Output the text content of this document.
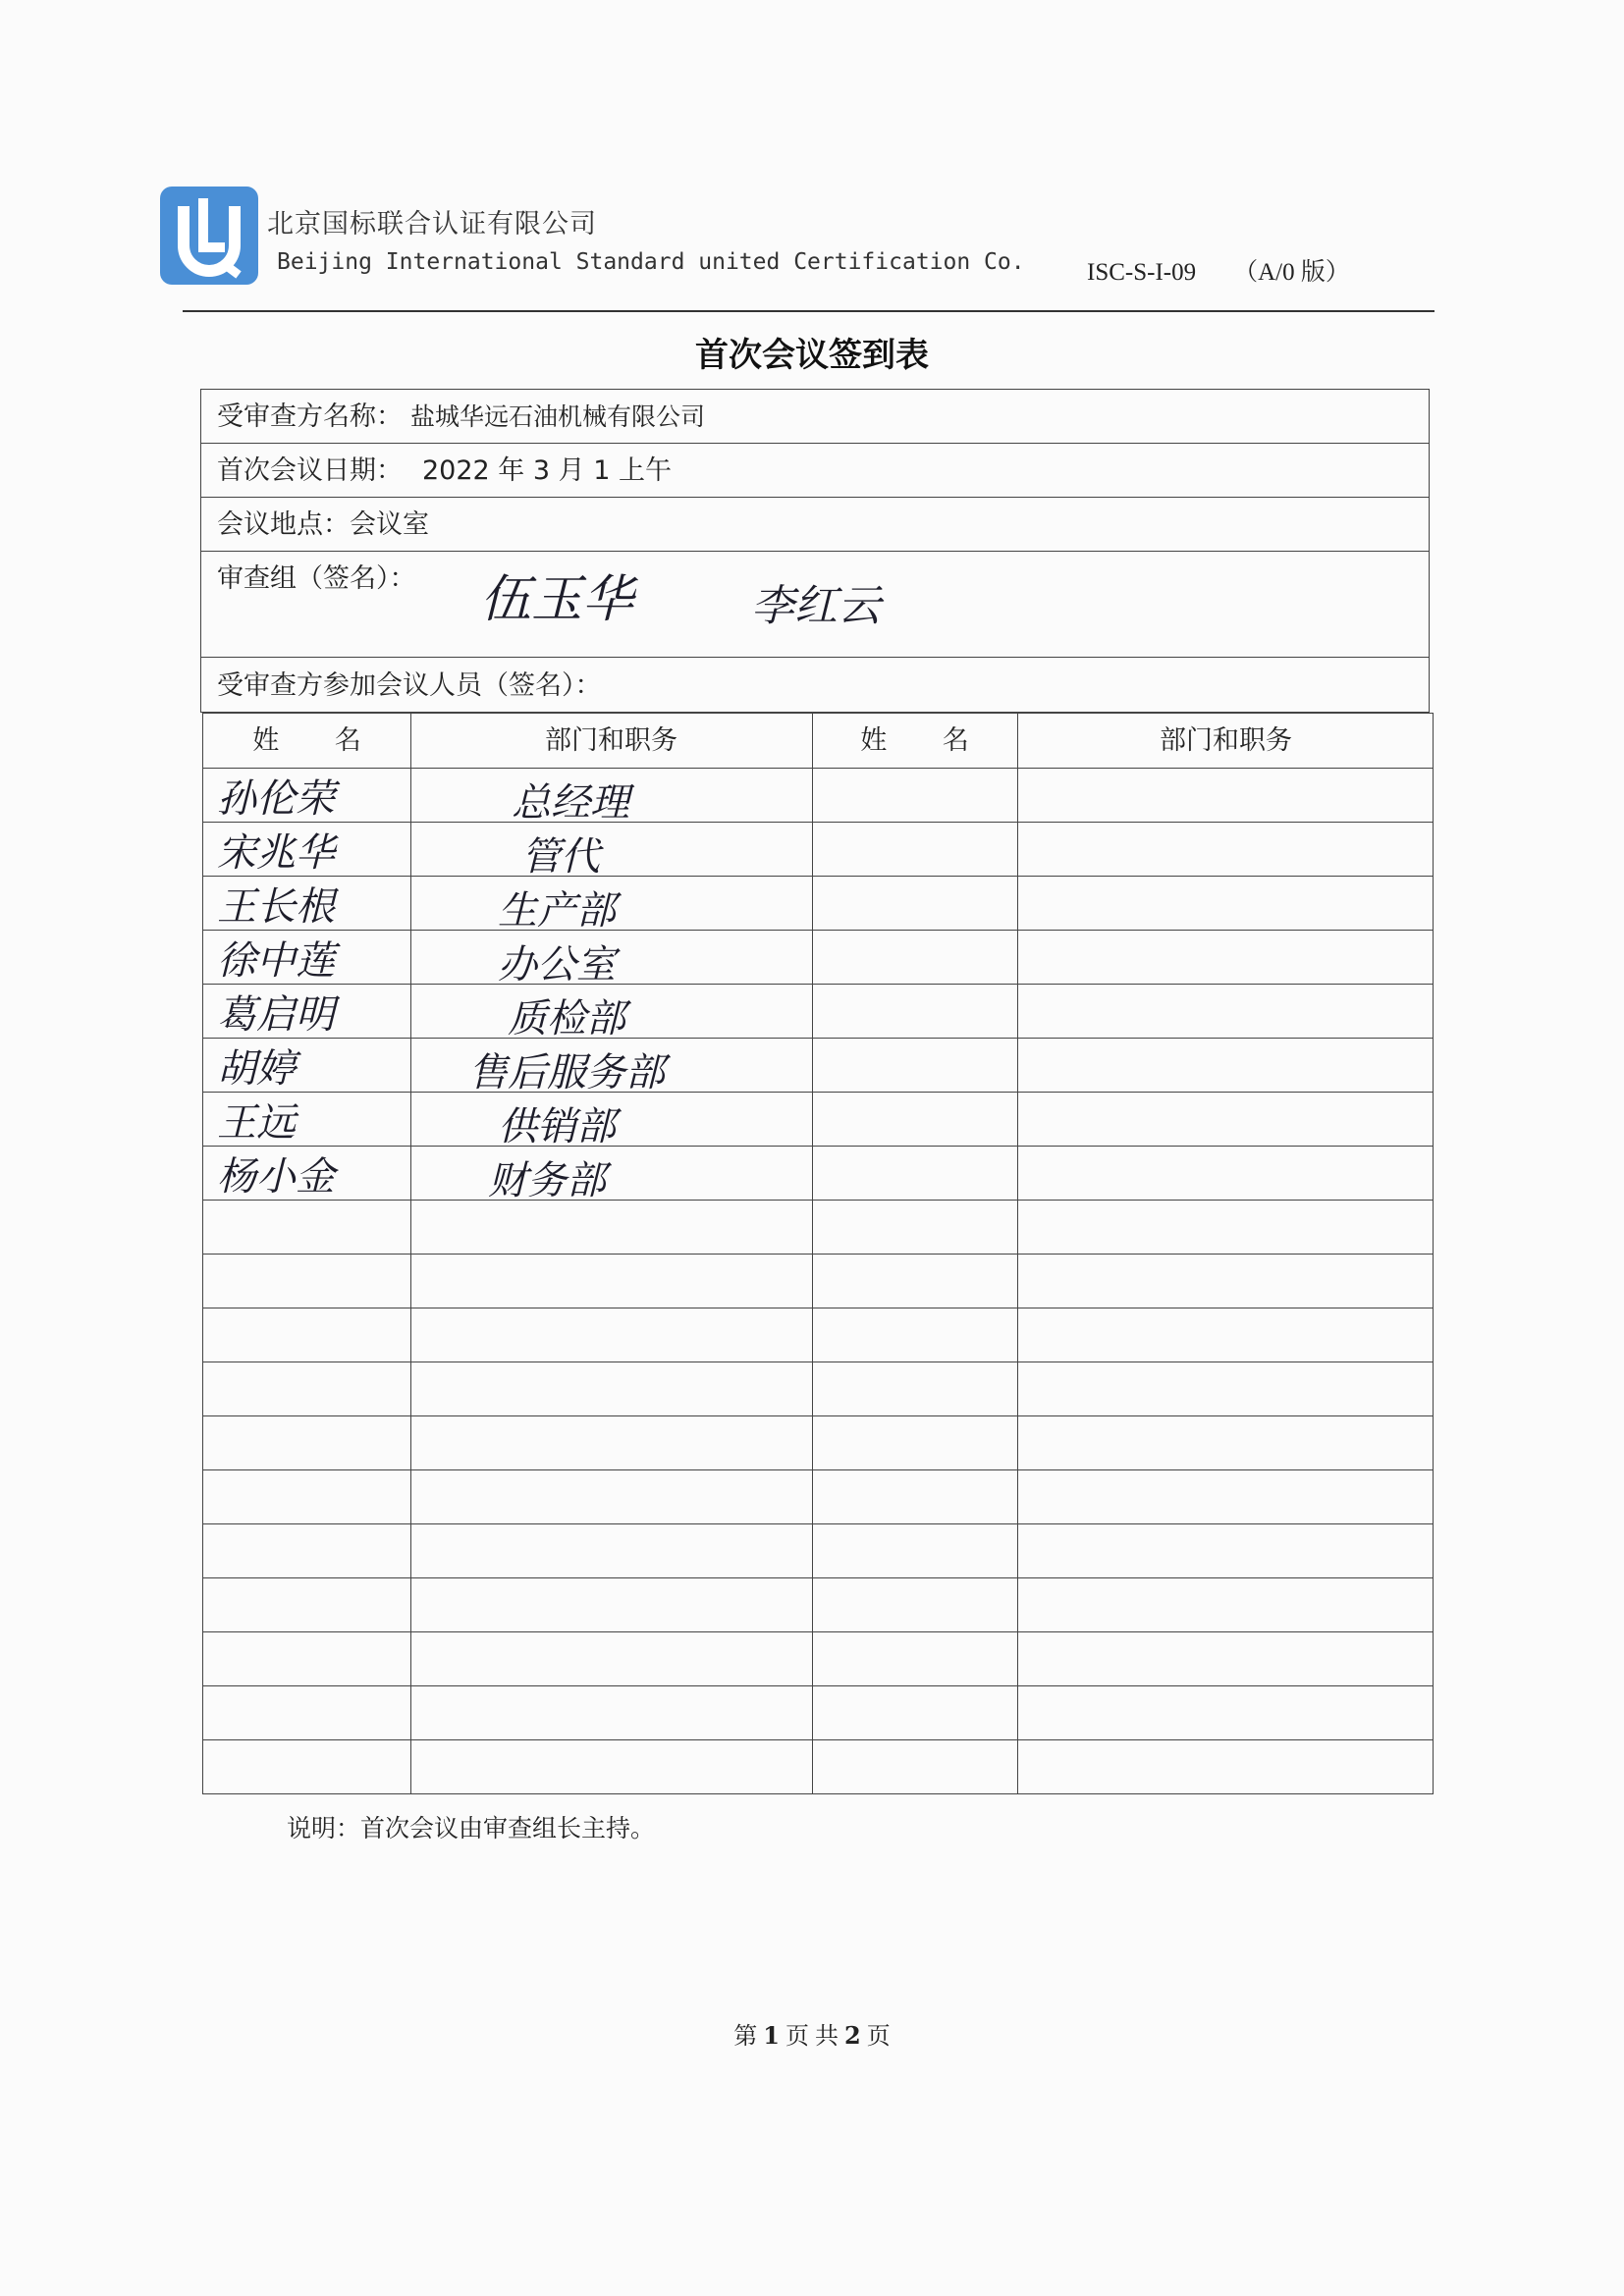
北京国标联合认证有限公司
Beijing International Standard united Certification Co.	ISC-S-I-09 （A/0 版）
首次会议签到表
受审查方名称： 盐城华远石油机械有限公司
首次会议日期： 2022 年 3 月 1 上午
会议地点：会议室
审查组（签名）： 伍玉华	李红云
受审查方参加会议人员（签名）：
姓 名	部门和职务	姓 名	部门和职务
孙伦荣	总经理
宋兆华	管代
王长根	生产部
徐中莲	办公室
葛启明	质检部
胡婷	售后服务部
王远	供销部
杨小金	财务部
说明：首次会议由审查组长主持。
第 1 页 共 2 页
